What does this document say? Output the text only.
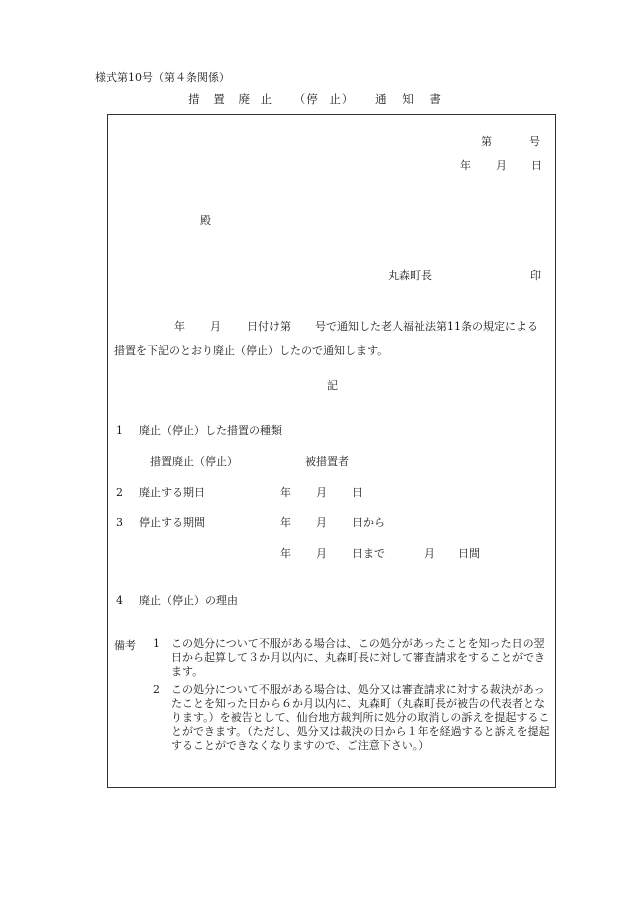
様式第10号（第４条関係）
措 置 廃 止 （停 止） 通 知 書
第	号
年 月 日
殿
丸森町長	印
年 月 日付け第 号で通知した老人福祉法第11条の規定による
措置を下記のとおり廃止（停止）したので通知します。
記
1 廃止（停止）した措置の種類
措置廃止（停止）	被措置者
2 廃止する期日	年 月 日
3 停止する期間	年 月 日から
年 月 日まで	月 日間
4 廃止（停止）の理由
備考 1 この処分について不服がある場合は、この処分があったことを知った日の翌日から起算して３か月以内に、丸森町長に対して審査請求をすることができます。
2 この処分について不服がある場合は、処分又は審査請求に対する裁決があったことを知った日から６か月以内に、丸森町（丸森町長が被告の代表者となります。）を被告として、仙台地方裁判所に処分の取消しの訴えを提起することができます。（ただし、処分又は裁決の日から１年を経過すると訴えを提起することができなくなりますので、ご注意下さい。）
